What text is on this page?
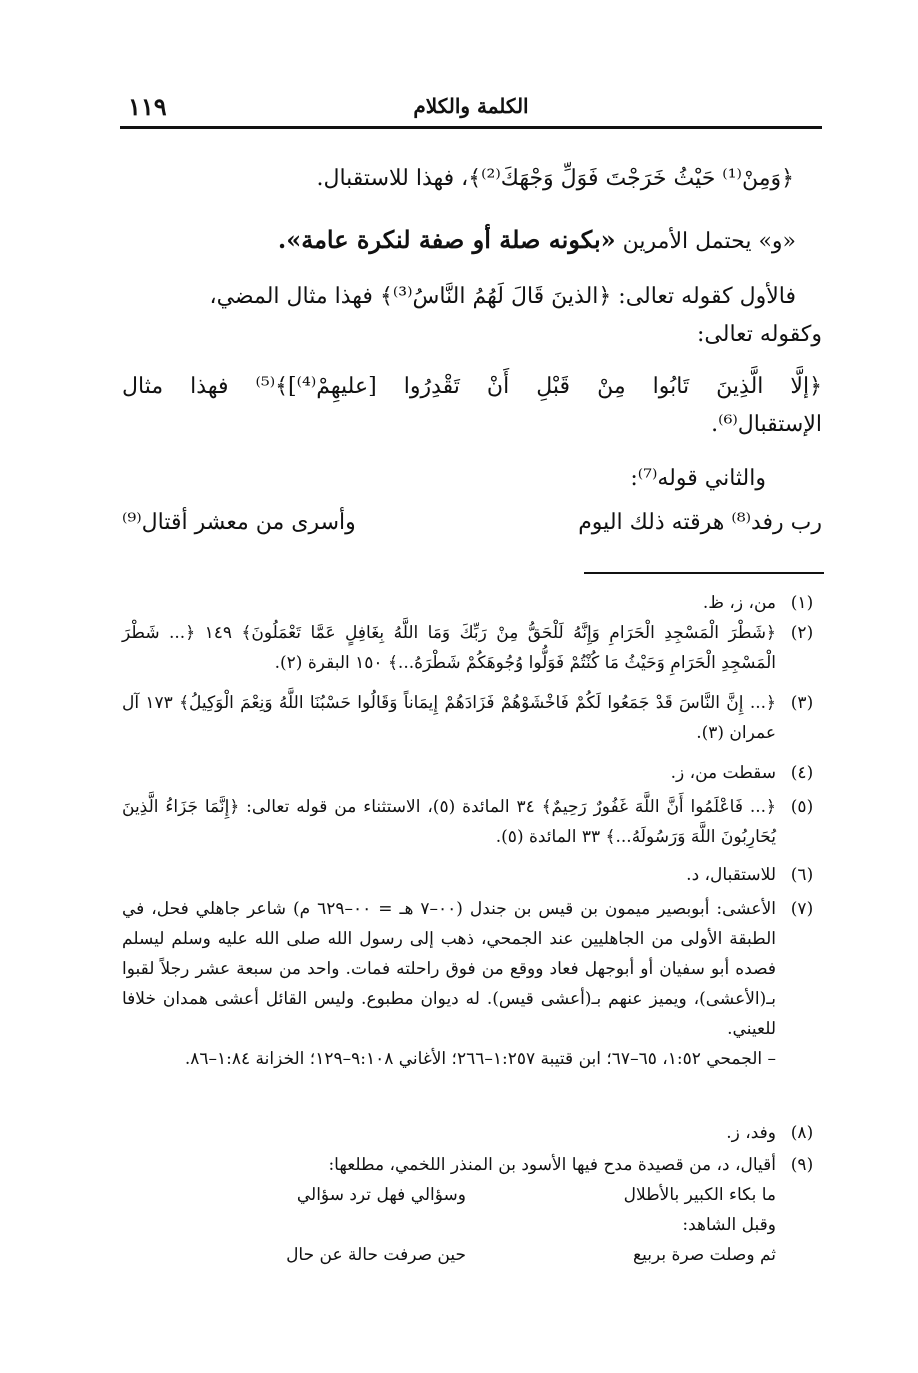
١١٩	الكلمة والكلام

﴿وَمِنْ⁽¹⁾ حَيْثُ خَرَجْتَ فَوَلِّ وَجْهَكَ⁽²⁾﴾، فهذا للاستقبال.

«و» يحتمل الأمرين «بكونه صلة أو صفة لنكرة عامة».

فالأول كقوله تعالى: ﴿الذينَ قَالَ لَهُمُ النَّاسُ⁽³⁾﴾ فهذا مثال المضي،

وكقوله تعالى:

﴿إلَّا الَّذِينَ تَابُوا مِنْ قَبْلِ أَنْ تَقْدِرُوا [عليهِمْ⁽⁴⁾]﴾⁽⁵⁾ فهذا مثال

الإستقبال⁽⁶⁾.

والثاني قوله⁽⁷⁾:

رب رفد⁽⁸⁾ هرقته ذلك اليوم
وأسرى من معشر أقتال⁽⁹⁾
(١)
من، ز، ظ.
(٢)
﴿شَطْرَ الْمَسْجِدِ الْحَرَامِ وَإِنَّهُ لَلْحَقُّ مِنْ رَبِّكَ وَمَا اللَّهُ بِغَافِلٍ عَمَّا تَعْمَلُونَ﴾ ١٤٩ ﴿... شَطْرَ الْمَسْجِدِ الْحَرَامِ وَحَيْثُ مَا كُنْتُمْ فَوَلُّوا وُجُوهَكُمْ شَطْرَهُ...﴾ ١٥٠ البقرة (٢).
(٣)
﴿... إِنَّ النَّاسَ قَدْ جَمَعُوا لَكُمْ فَاخْشَوْهُمْ فَزَادَهُمْ إِيمَاناً وَقَالُوا حَسْبُنَا اللَّهُ وَنِعْمَ الْوَكِيلُ﴾ ١٧٣ آل عمران (٣).
(٤)
سقطت من، ز.
(٥)
﴿... فَاعْلَمُوا أَنَّ اللَّهَ غَفُورٌ رَحِيمٌ﴾ ٣٤ المائدة (٥)، الاستثناء من قوله تعالى: ﴿إِنَّمَا جَزَاءُ الَّذِينَ يُحَارِبُونَ اللَّهَ وَرَسُولَهُ...﴾ ٣٣ المائدة (٥).
(٦)
للاستقبال، د.
(٧)
الأعشى: أبوبصير ميمون بن قيس بن جندل (٠٠–٧ هـ = ٠٠–٦٢٩ م) شاعر جاهلي فحل، في الطبقة الأولى من الجاهليين عند الجمحي، ذهب إلى رسول الله صلى الله عليه وسلم ليسلم فصده أبو سفيان أو أبوجهل فعاد ووقع من فوق راحلته فمات. واحد من سبعة عشر رجلاً لقبوا بـ(الأعشى)، ويميز عنهم بـ(أعشى قيس). له ديوان مطبوع. وليس القائل أعشى همدان خلافا للعيني.
– الجمحي ١:٥٢، ٦٥–٦٧؛ ابن قتيبة ١:٢٥٧–٢٦٦؛ الأغاني ٩:١٠٨–١٢٩؛ الخزانة ١:٨٤–٨٦.
(٨)
وفد، ز.
(٩)
أقيال، د، من قصيدة مدح فيها الأسود بن المنذر اللخمي، مطلعها:
ما بكاء الكبير بالأطلال
وسؤالي فهل ترد سؤالي
وقبل الشاهد:
ثم وصلت صرة بربيع
حين صرفت حالة عن حال
